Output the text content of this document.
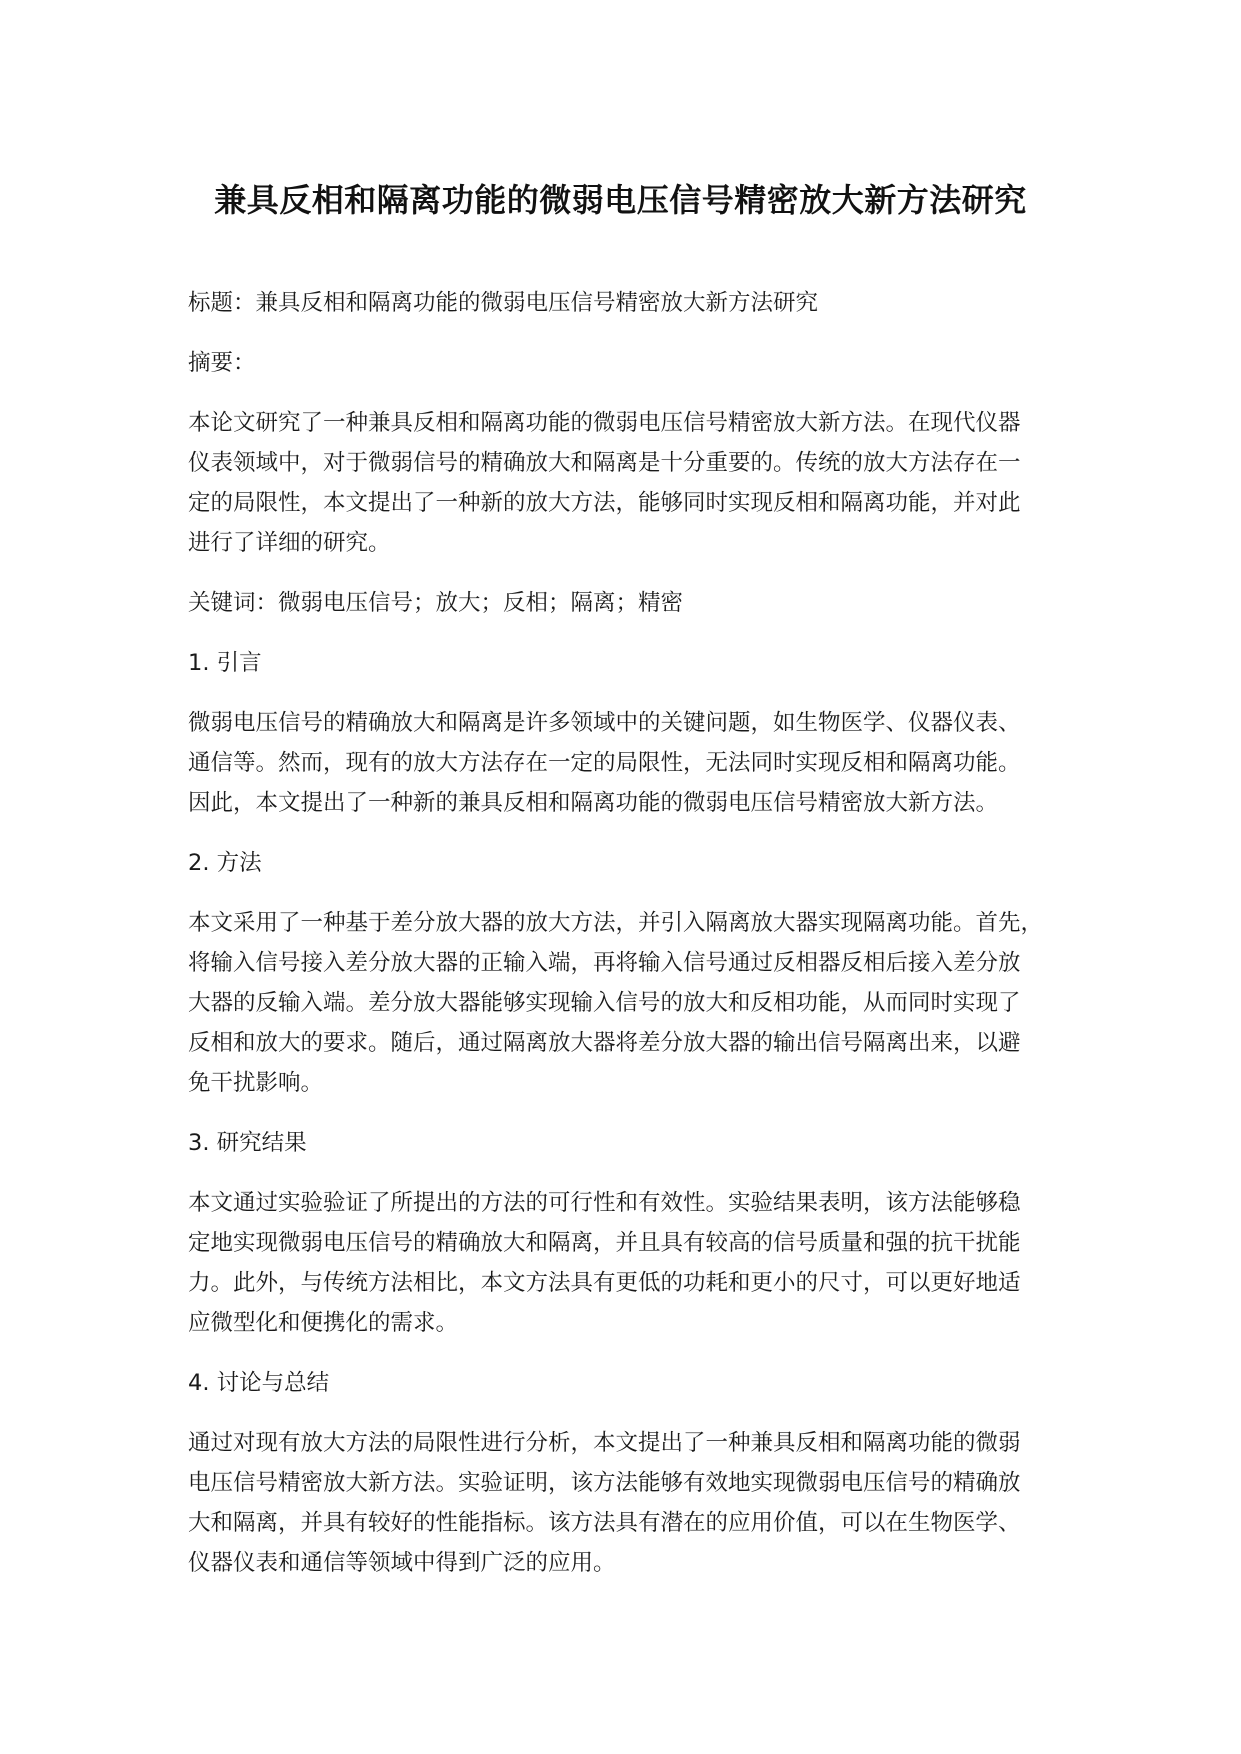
兼具反相和隔离功能的微弱电压信号精密放大新方法研究
标题：兼具反相和隔离功能的微弱电压信号精密放大新方法研究
摘要：
本论文研究了一种兼具反相和隔离功能的微弱电压信号精密放大新方法。在现代仪器
仪表领域中，对于微弱信号的精确放大和隔离是十分重要的。传统的放大方法存在一
定的局限性，本文提出了一种新的放大方法，能够同时实现反相和隔离功能，并对此
进行了详细的研究。
关键词：微弱电压信号；放大；反相；隔离；精密
1. 引言
微弱电压信号的精确放大和隔离是许多领域中的关键问题，如生物医学、仪器仪表、
通信等。然而，现有的放大方法存在一定的局限性，无法同时实现反相和隔离功能。
因此，本文提出了一种新的兼具反相和隔离功能的微弱电压信号精密放大新方法。
2. 方法
本文采用了一种基于差分放大器的放大方法，并引入隔离放大器实现隔离功能。首先，
将输入信号接入差分放大器的正输入端，再将输入信号通过反相器反相后接入差分放
大器的反输入端。差分放大器能够实现输入信号的放大和反相功能，从而同时实现了
反相和放大的要求。随后，通过隔离放大器将差分放大器的输出信号隔离出来，以避
免干扰影响。
3. 研究结果
本文通过实验验证了所提出的方法的可行性和有效性。实验结果表明，该方法能够稳
定地实现微弱电压信号的精确放大和隔离，并且具有较高的信号质量和强的抗干扰能
力。此外，与传统方法相比，本文方法具有更低的功耗和更小的尺寸，可以更好地适
应微型化和便携化的需求。
4. 讨论与总结
通过对现有放大方法的局限性进行分析，本文提出了一种兼具反相和隔离功能的微弱
电压信号精密放大新方法。实验证明，该方法能够有效地实现微弱电压信号的精确放
大和隔离，并具有较好的性能指标。该方法具有潜在的应用价值，可以在生物医学、
仪器仪表和通信等领域中得到广泛的应用。
